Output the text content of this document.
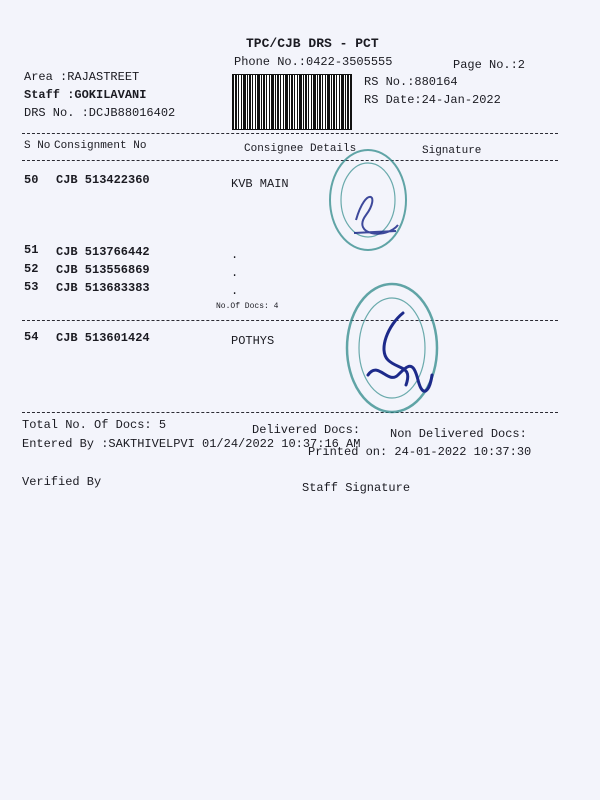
TPC/CJB DRS - PCT
Phone No.:0422-3505555	Page No.:2
Area :RAJASTREET
Staff :GOKILAVANI
DRS No. :DCJB88016402
RS No.:880164
RS Date:24-Jan-2022
S No Consignment No	Consignee Details	Signature
50 CJB 513422360	KVB MAIN
51 CJB 513766442	.
52 CJB 513556869	.
53 CJB 513683383	.
No.Of Docs: 4
54 CJB 513601424	POTHYS
Total No. Of Docs: 5	Delivered Docs: Non Delivered Docs:
Entered By :SAKTHIVELPVI 01/24/2022 10:37:16 AM
Printed on: 24-01-2022 10:37:30
Verified By	Staff Signature
